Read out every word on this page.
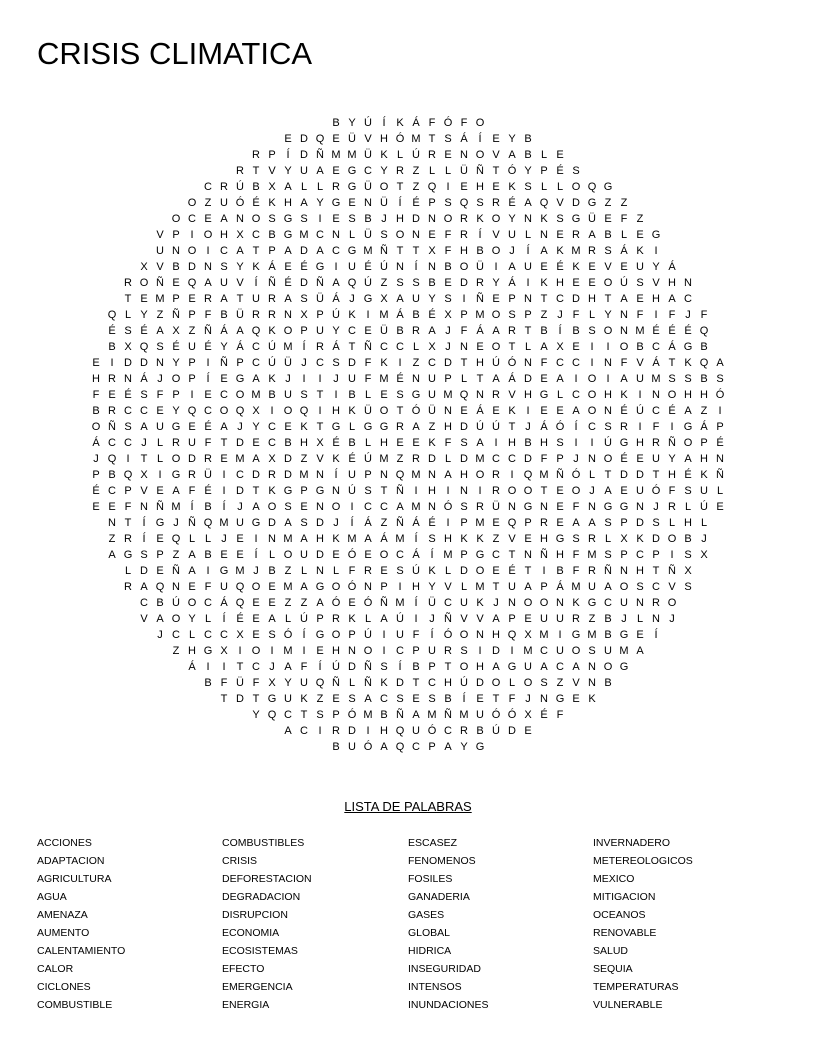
CRISIS CLIMATICA
B Y Ú Í K Á F Ó F O
E D Q E Ü V H Ó M T S Á Í E Y B
R P Í D Ñ M M Ü K L Ú R E N O V A B L E
R T V Y U A E G C Y R Z L L Ü Ñ T Ó Y P É S
C R Ú B X A L L R G Ü O T Z Q I E H E K S L L O Q G
O Z U Ó É K H A Y G E N Ü Í É P S Q S R É A Q V D G Z Z
O C E A N O S G S I E S B J H D N O R K O Y N K S G Ü E F Z
V P I O H X C B G M C N L Ü S O N E F R Í V U L N E R A B L E G
U N O I C A T P A D A C G M Ñ T T X F H B O J	Í A K M R S Á K I
X V B D N S Y K Á E É G I U É Ú N Í N B O Ü I A U E É K E V E U Y Á
R O Ñ E Q A U V Í Ñ É D Ñ A Q Ú Z S S B E D R Y Á I K H E E O Ú S V H N
T E M P E R A T U R A S Ü Á J G X A U Y S I Ñ E P N T C D H T A E H A C
Q L Y Z Ñ P F B Ü R R N X P Ú K I M Á B É X P M O S P Z J F L Y N F	I	F J F
É S É A X Z Ñ Á A Q K O P U Y C E Ü B R A J F Á A R T B Í B S O N M É É É Q
B X Q S É U É Y Á C Ú M Í R Á T Ñ C C L X J N E O T L A X E I	I O B C Á G B
E I D D N Y P I Ñ P C Ú Ü J C S D F K I	Z C D T H Ú Ó N F C C I N F V Á T K Q A
H R N Á J O P Í E G A K J	I	I	J U F M É N U P L T A Á D E A I O I A U M S S B S
F E É S F P I E C O M B U S T	I B L E S G U M Q N R V H G L C O H K I N O H H Ó
B R C C E Y Q C O Q X I O Q I H K Ü O T Ó Ü N E Á E K I E E A O N É Ú C É A Z	I
O Ñ S A U G E É A J Y C E K T G L G G R A Z H D Ú Ú T J Á Ó Í C S R I	F	I G Á P
Á C C J L R U F T D E C B H X É B L H E E K F S A I H B H S I	I Ú G H R Ñ O P É
J Q I	T L O D R E M A X D Z V K É Ú M Z R D L D M C C D F P J N O É E U Y A H N
P B Q X I G R Ü I C D R D M N Í U P N Q M N A H O R I Q M Ñ Ó L T D D T H É K Ñ
É C P V E A F É I D T K G P G N Ú S T Ñ I H I N I R O O T E O J A E U Ó F S U L
E E F N Ñ M Í B Í	J A O S E N O I C C A M N Ó S R Ü N G N E F N G G N J R L Ú E
N T	Í G J Ñ Q M U G D A S D J	Í Á Z Ñ Á É I P M E Q P R E A A S P D S L H L
Z R Í E Q L L J E I N M A H K M A Á M Í S H K K Z V E H G S R L X K D O B J
A G S P Z A B E E Í	L O U D E Ó E O C Á Í M P G C T N Ñ H F M S P C P I S X
L D E Ñ A I G M J B Z L N L F R E S Ú K L D O E É T	I B F R Ñ N H T Ñ X
R A Q N E F U Q O E M A G O Ó N P I H Y V L M T U A P Á M U A O S C V S
C B Ú O C Á Q E E Z Z A Ó E Ó Ñ M Í Ü C U K J N O O N K G C U N R O
V A O Y L	Í É E A L Ú P R K L A Ú I	J Ñ V V A P E U U R Z B J L N J
J C L C C X E S Ó Í G O P Ú I U F	Í Ó O N H Q X M I G M B G E Í
Z H G X I O I M I E H N O I C P U R S I D I M C U O S U M A
Á I	I	T C J A F	Í Ú D Ñ S Í B P T O H A G U A C A N O G
B F Ü F X Y U Q Ñ L Ñ K D T C H Ú D O L O S Z V N B
T D T G U K Z E S A C S E S B Í E T F J N G E K
Y Q C T S P Ó M B Ñ A M Ñ M U Ó Ó X É F
A C I R D I H Q U Ó C R B Ú D E
B U Ó A Q C P A Y G
LISTA DE PALABRAS
ACCIONES
ADAPTACION
AGRICULTURA
AGUA
AMENAZA
AUMENTO
CALENTAMIENTO
CALOR
CICLONES
COMBUSTIBLE
COMBUSTIBLES
CRISIS
DEFORESTACION
DEGRADACION
DISRUPCION
ECONOMIA
ECOSISTEMAS
EFECTO
EMERGENCIA
ENERGIA
ESCASEZ
FENOMENOS
FOSILES
GANADERIA
GASES
GLOBAL
HIDRICA
INSEGURIDAD
INTENSOS
INUNDACIONES
INVERNADERO
METEREOLOGICOS
MEXICO
MITIGACION
OCEANOS
RENOVABLE
SALUD
SEQUIA
TEMPERATURAS
VULNERABLE
